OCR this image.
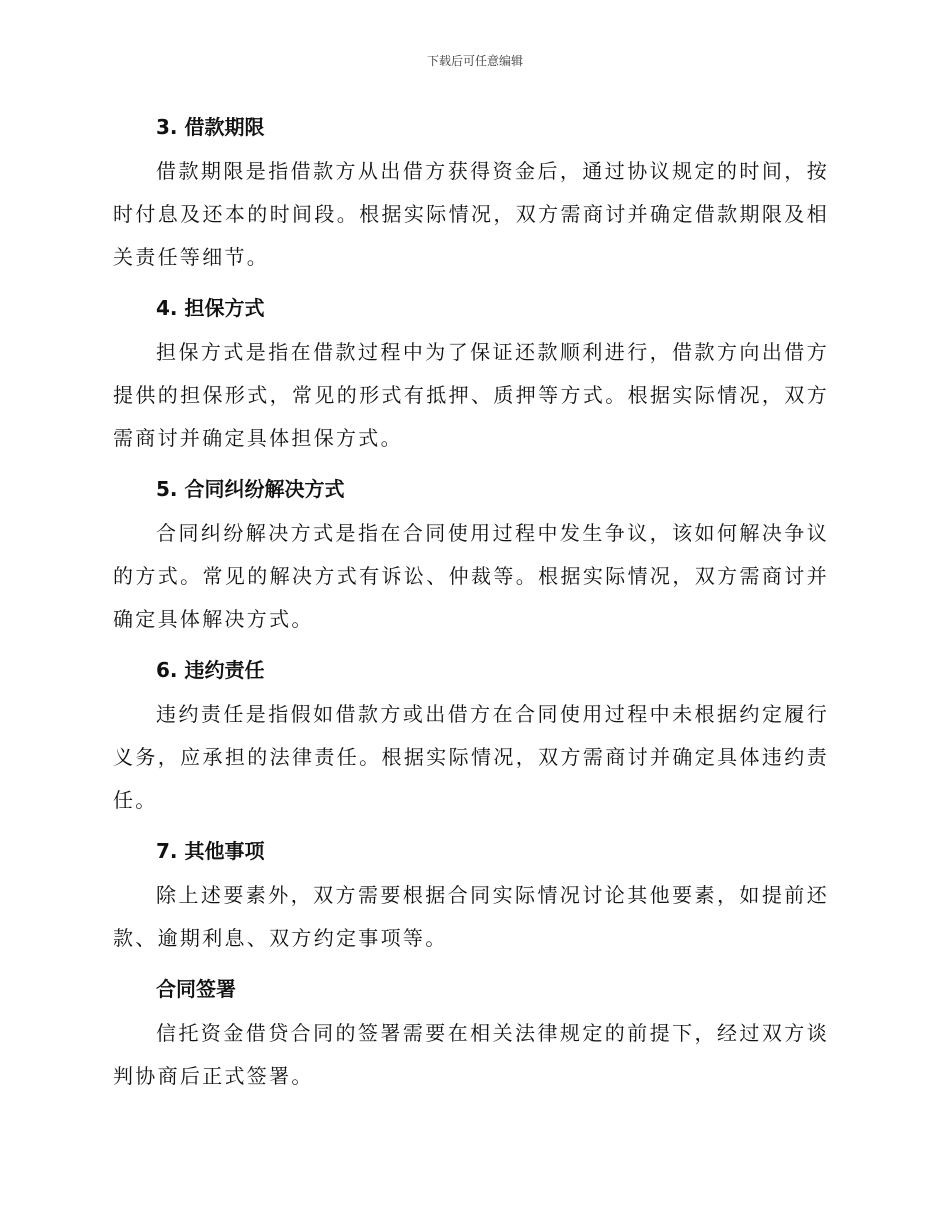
下载后可任意编辑
3. 借款期限

借款期限是指借款方从出借方获得资金后，通过协议规定的时间，按时付息及还本的时间段。根据实际情况，双方需商讨并确定借款期限及相关责任等细节。

4. 担保方式

担保方式是指在借款过程中为了保证还款顺利进行，借款方向出借方提供的担保形式，常见的形式有抵押、质押等方式。根据实际情况，双方需商讨并确定具体担保方式。

5. 合同纠纷解决方式

合同纠纷解决方式是指在合同使用过程中发生争议，该如何解决争议的方式。常见的解决方式有诉讼、仲裁等。根据实际情况，双方需商讨并确定具体解决方式。

6. 违约责任

违约责任是指假如借款方或出借方在合同使用过程中未根据约定履行义务，应承担的法律责任。根据实际情况，双方需商讨并确定具体违约责任。

7. 其他事项

除上述要素外，双方需要根据合同实际情况讨论其他要素，如提前还款、逾期利息、双方约定事项等。

合同签署

信托资金借贷合同的签署需要在相关法律规定的前提下，经过双方谈判协商后正式签署。
